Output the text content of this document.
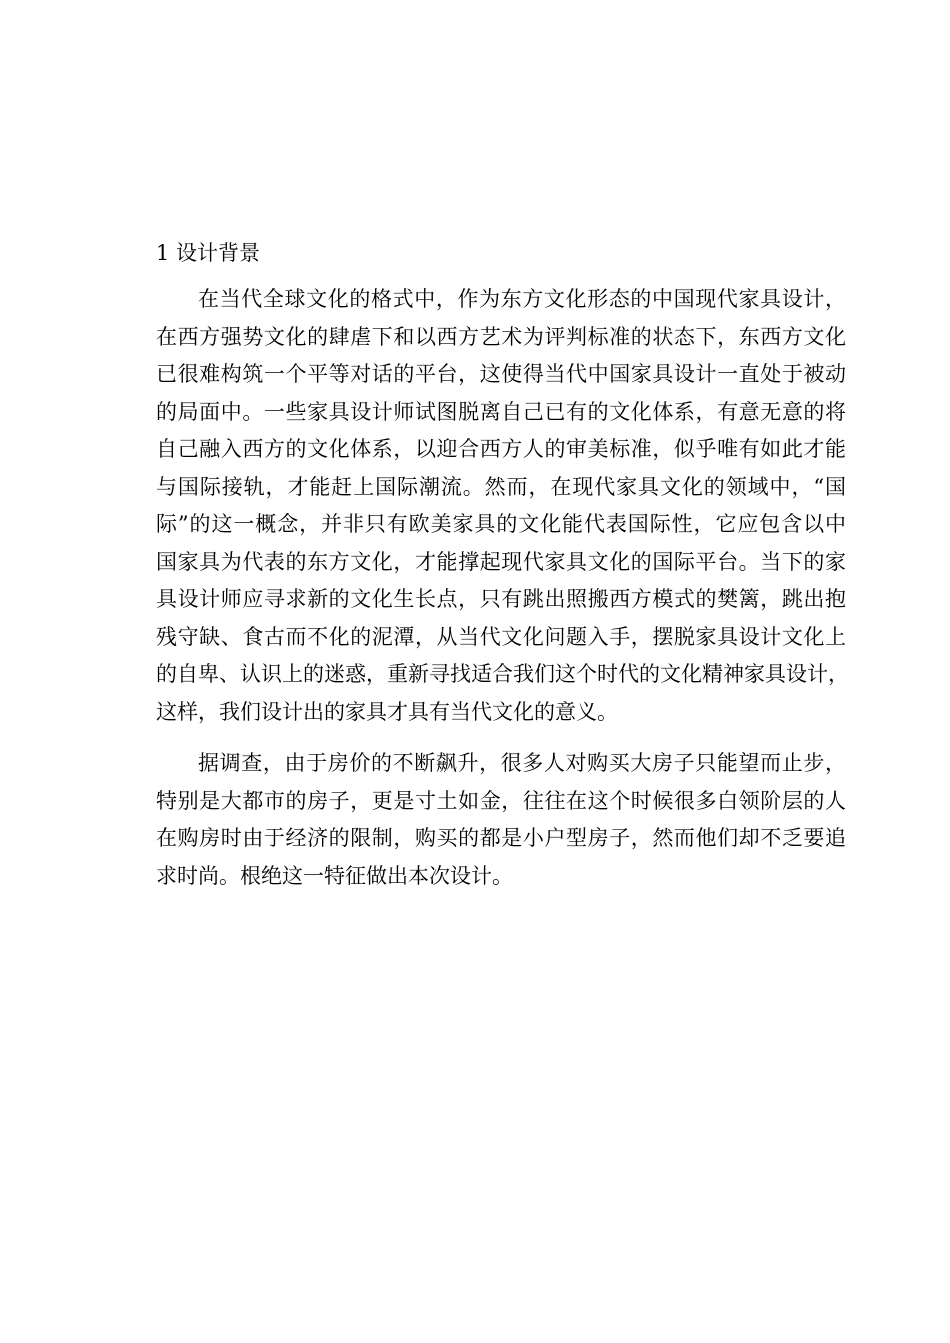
1 设计背景
在当代全球文化的格式中，作为东方文化形态的中国现代家具设计，
在西方强势文化的肆虐下和以西方艺术为评判标准的状态下，东西方文化
已很难构筑一个平等对话的平台，这使得当代中国家具设计一直处于被动
的局面中。一些家具设计师试图脱离自己已有的文化体系，有意无意的将
自己融入西方的文化体系，以迎合西方人的审美标准，似乎唯有如此才能
与国际接轨，才能赶上国际潮流。然而，在现代家具文化的领域中，“国
际”的这一概念，并非只有欧美家具的文化能代表国际性，它应包含以中
国家具为代表的东方文化，才能撑起现代家具文化的国际平台。当下的家
具设计师应寻求新的文化生长点，只有跳出照搬西方模式的樊篱，跳出抱
残守缺、食古而不化的泥潭，从当代文化问题入手，摆脱家具设计文化上
的自卑、认识上的迷惑，重新寻找适合我们这个时代的文化精神家具设计，
这样，我们设计出的家具才具有当代文化的意义。
据调查，由于房价的不断飙升，很多人对购买大房子只能望而止步，
特别是大都市的房子，更是寸土如金，往往在这个时候很多白领阶层的人
在购房时由于经济的限制，购买的都是小户型房子，然而他们却不乏要追
求时尚。根绝这一特征做出本次设计。
